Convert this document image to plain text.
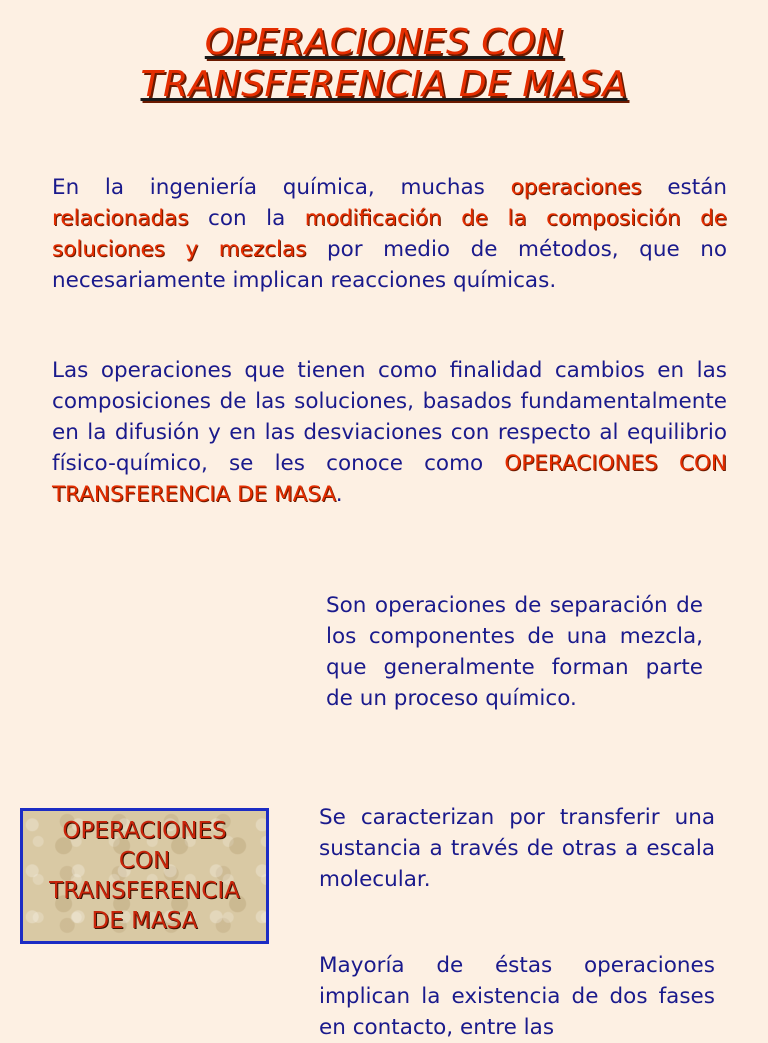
OPERACIONES CON
TRANSFERENCIA DE MASA
En la ingeniería química, muchas operaciones están relacionadas con la modificación de la composición de soluciones y mezclas por medio de métodos, que no necesariamente implican reacciones químicas.
Las operaciones que tienen como finalidad cambios en las composiciones de las soluciones, basados fundamentalmente en la difusión y en las desviaciones con respecto al equilibrio físico-químico, se les conoce como OPERACIONES CON TRANSFERENCIA DE MASA.
Son operaciones de separación de los componentes de una mezcla, que generalmente forman parte de un proceso químico.
OPERACIONES
CON
TRANSFERENCIA
DE MASA
Se caracterizan por transferir una sustancia a través de otras a escala molecular.
Mayoría de éstas operaciones implican la existencia de dos fases en contacto, entre las
